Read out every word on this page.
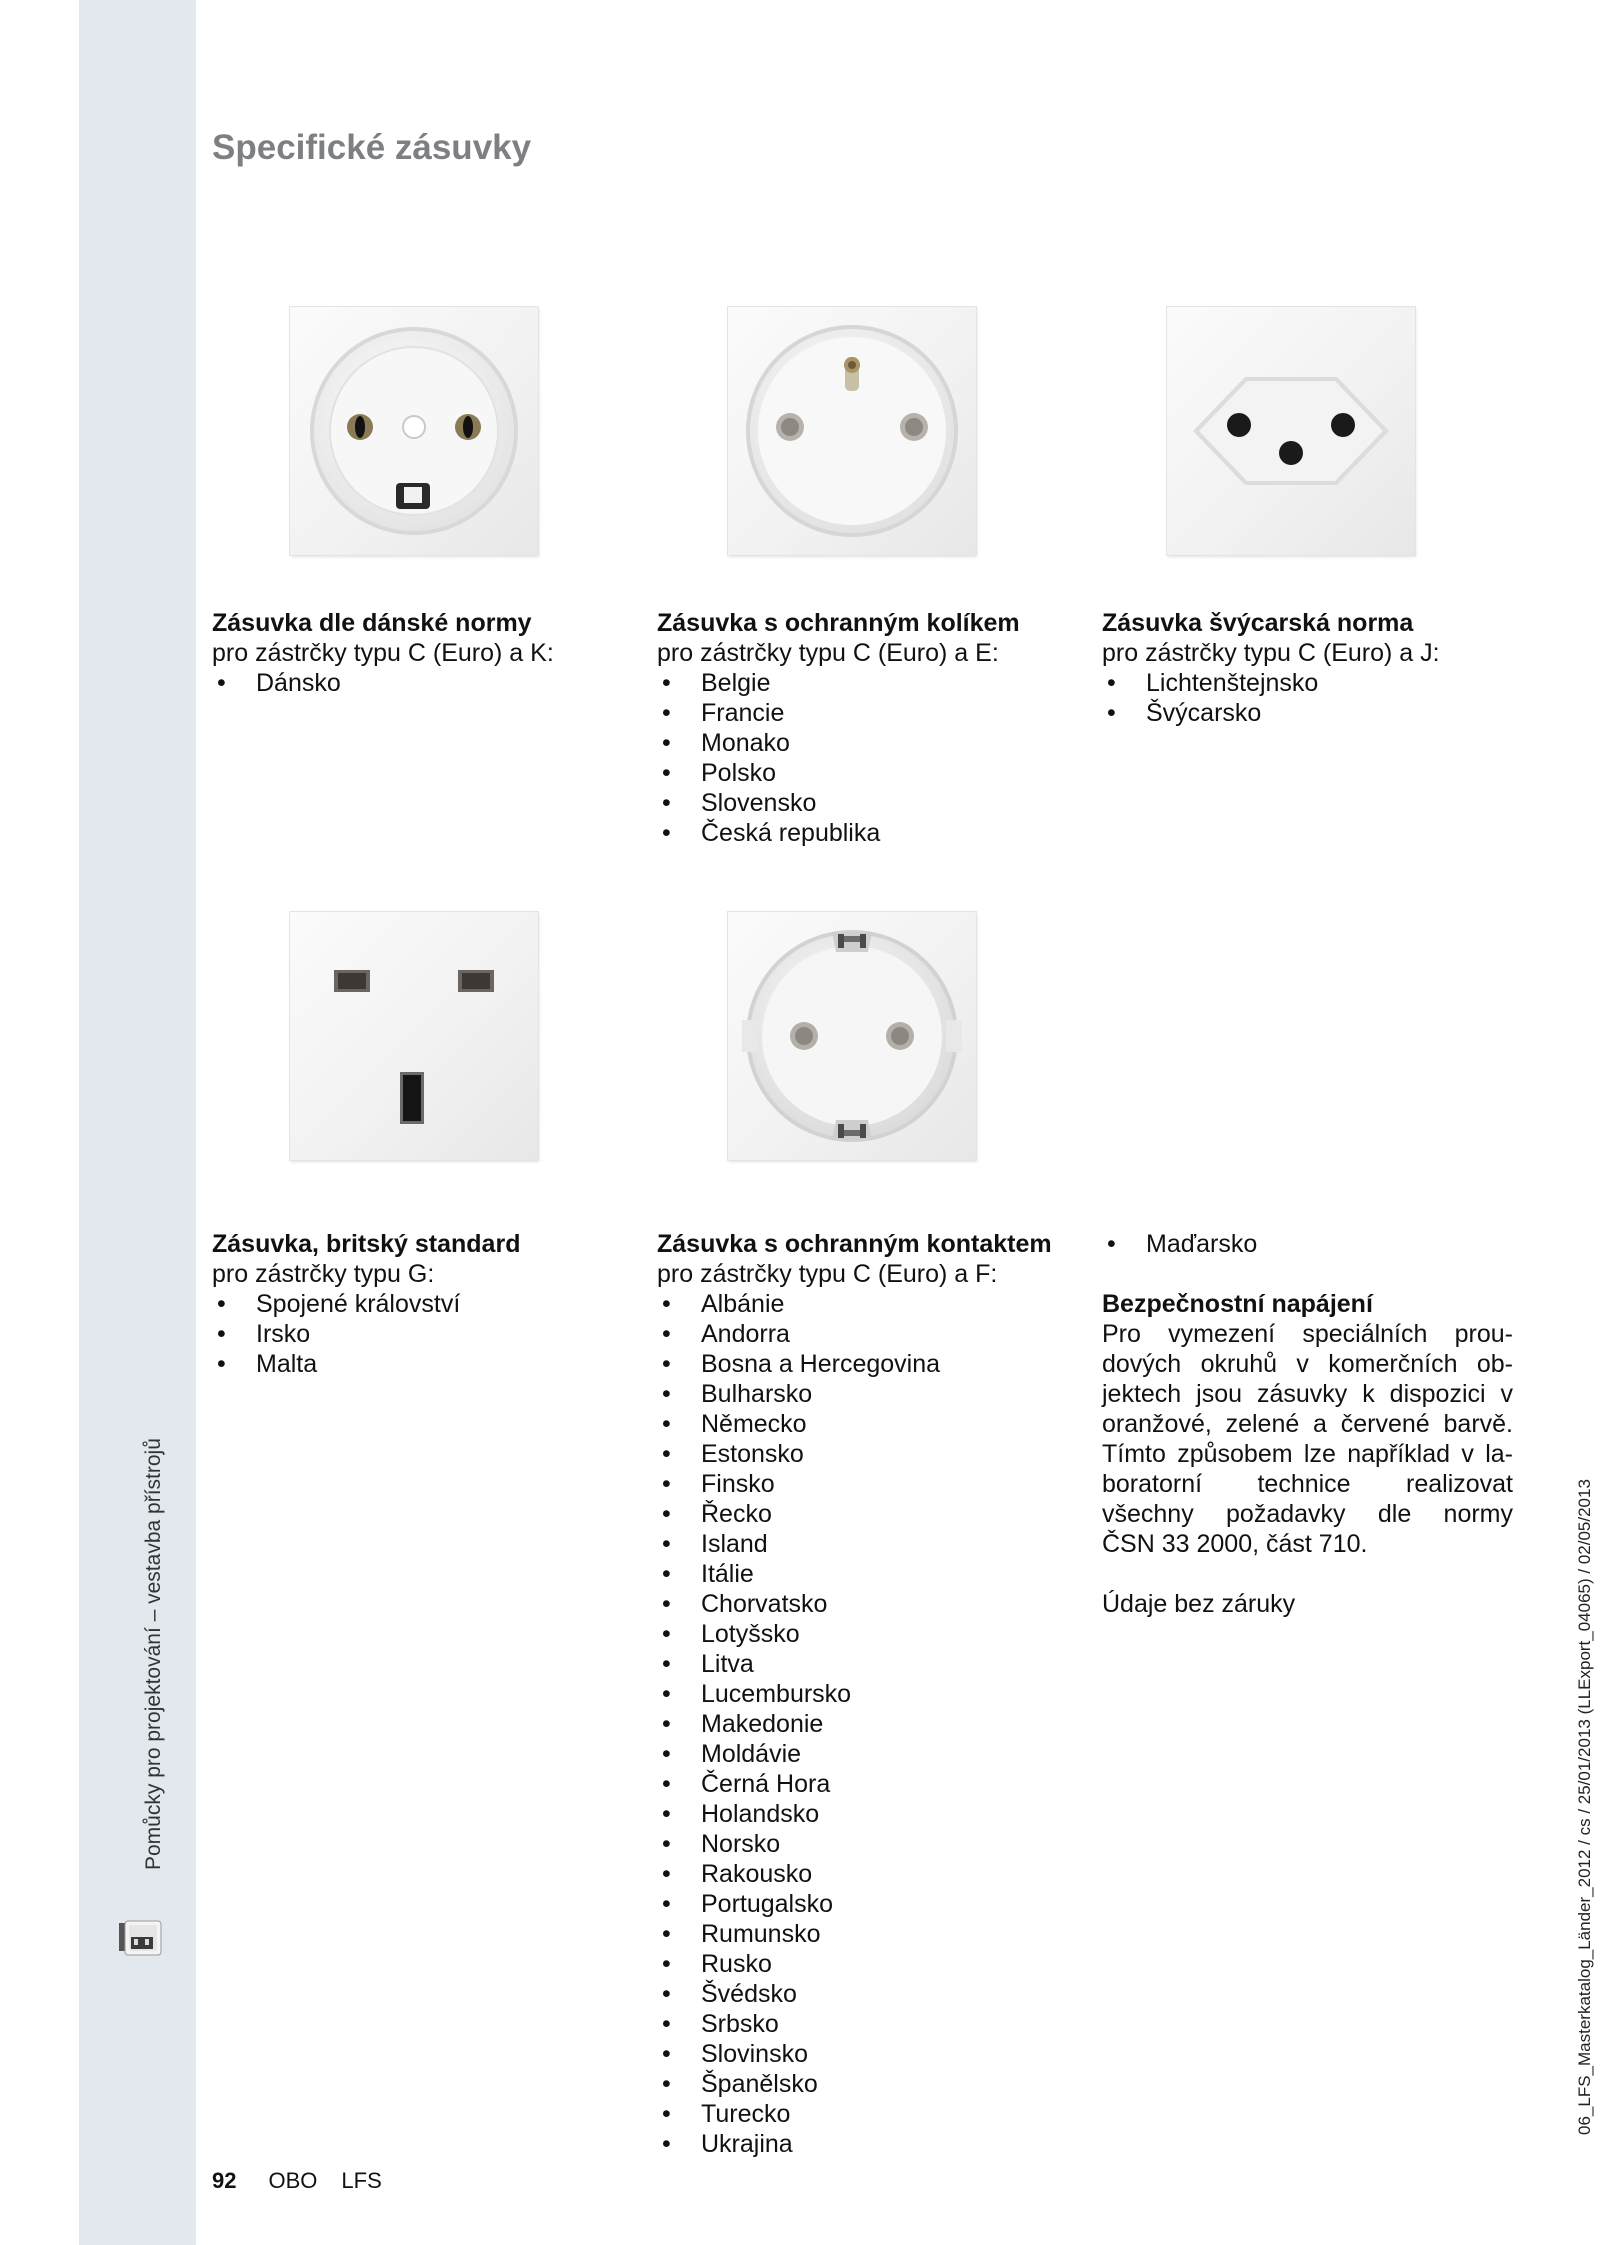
Pomůcky pro projektování – vestavba přístrojů	06_LFS_Masterkatalog_Länder_2012 / cs / 25/01/2013 (LLExport_04065) / 02/05/2013
Specifické zásuvky
Zásuvka dle dánské normy
pro zástrčky typu C (Euro) a K:
• Dánsko
Zásuvka s ochranným kolíkem
pro zástrčky typu C (Euro) a E:
• Belgie
• Francie
• Monako
• Polsko
• Slovensko
• Česká republika
Zásuvka švýcarská norma
pro zástrčky typu C (Euro) a J:
• Lichtenštejnsko
• Švýcarsko
Zásuvka, britský standard
pro zástrčky typu G:
• Spojené království
• Irsko
• Malta
Zásuvka s ochranným kontaktem
pro zástrčky typu C (Euro) a F:
• Albánie
• Andorra
• Bosna a Hercegovina
• Bulharsko
• Německo
• Estonsko
• Finsko
• Řecko
• Island
• Itálie
• Chorvatsko
• Lotyšsko
• Litva
• Lucembursko
• Makedonie
• Moldávie
• Černá Hora
• Holandsko
• Norsko
• Rakousko
• Portugalsko
• Rumunsko
• Rusko
• Švédsko
• Srbsko
• Slovinsko
• Španělsko
• Turecko
• Ukrajina
• Maďarsko
Bezpečnostní napájení
Pro vymezení speciálních prou-
dových okruhů v komerčních ob-
jektech jsou zásuvky k dispozici v
oranžové, zelené a červené barvě.
Tímto způsobem lze například v la-
boratorní technice realizovat
všechny požadavky dle normy
ČSN 33 2000, část 710.
Údaje bez záruky
92 OBO LFS
